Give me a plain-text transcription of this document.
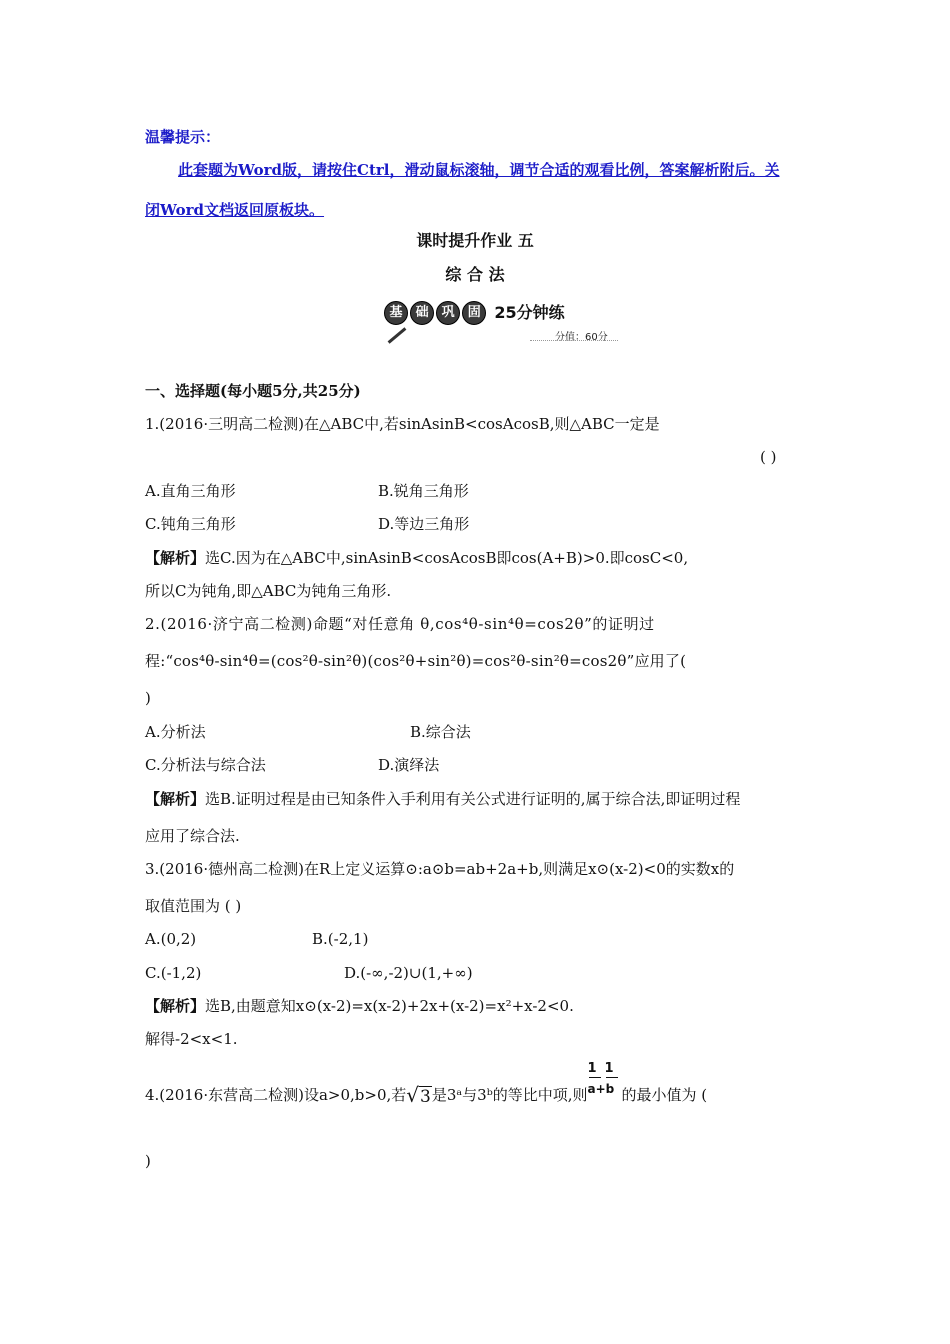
温馨提示：
此套题为Word版，请按住Ctrl，滑动鼠标滚轴，调节合适的观看比例，答案解析附后。关
闭Word文档返回原板块。
课时提升作业 五
综 合 法
基 础 巩 固 25分钟练
分值：60分
一、选择题(每小题5分,共25分)
1.(2016·三明高二检测)在△ABC中,若sinAsinB<cosAcosB,则△ABC一定是
( )
A.直角三角形	B.锐角三角形
C.钝角三角形	D.等边三角形
【解析】选C.因为在△ABC中,sinAsinB<cosAcosB即cos(A+B)>0.即cosC<0,
所以C为钝角,即△ABC为钝角三角形.
2.(2016·济宁高二检测)命题“对任意角 θ,cos⁴θ-sin⁴θ=cos2θ”的证明过
程:“cos⁴θ-sin⁴θ=(cos²θ-sin²θ)(cos²θ+sin²θ)=cos²θ-sin²θ=cos2θ”应用了(
)
A.分析法	B.综合法
C.分析法与综合法	D.演绎法
【解析】选B.证明过程是由已知条件入手利用有关公式进行证明的,属于综合法,即证明过程
应用了综合法.
3.(2016·德州高二检测)在R上定义运算⊙:a⊙b=ab+2a+b,则满足x⊙(x-2)<0的实数x的
取值范围为 ( )
A.(0,2)	B.(-2,1)
C.(-1,2)	D.(-∞,-2)∪(1,+∞)
【解析】选B,由题意知x⊙(x-2)=x(x-2)+2x+(x-2)=x²+x-2<0.
解得-2<x<1.
4.(2016·东营高二检测)设a>0,b>0,若√3是3ᵃ与3ᵇ的等比中项,则 $\frac{11}{a+b}$ 的最小值为 (
)
